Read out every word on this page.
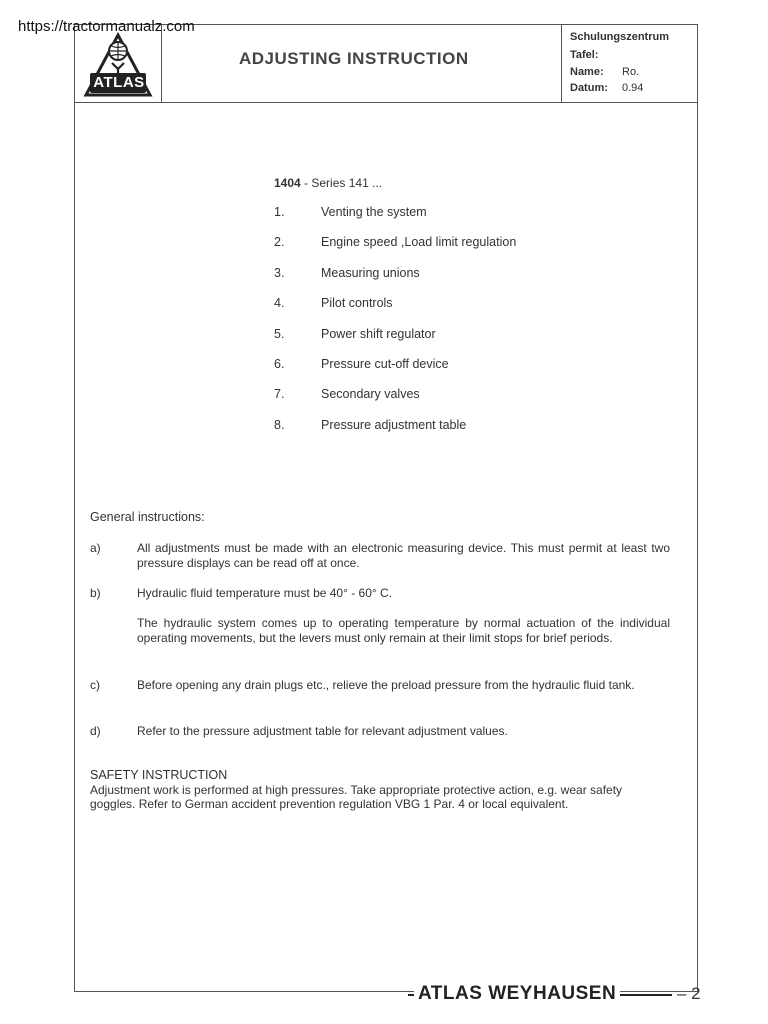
https://tractormanualz.com
ATLAS
ADJUSTING INSTRUCTION
Schulungszentrum
Tafel:
Name: Ro.
Datum: 0.94
1404 - Series 141 ...
1.	Venting the system
2.	Engine speed ,Load limit regulation
3.	Measuring unions
4.	Pilot controls
5.	Power shift regulator
6.	Pressure cut-off device
7.	Secondary valves
8.	Pressure adjustment table
General instructions:
a)	All adjustments must be made with an electronic measuring device. This must permit at least two pressure displays can be read off at once.
b)	Hydraulic fluid temperature must be 40° - 60° C.
The hydraulic system comes up to operating temperature by normal actuation of the individual operating movements, but the levers must only remain at their limit stops for brief periods.
c)	Before opening any drain plugs etc., relieve the preload pressure from the hydraulic fluid tank.
d)	Refer to the pressure adjustment table for relevant adjustment values.
SAFETY INSTRUCTION
Adjustment work is performed at high pressures. Take appropriate protective action, e.g. wear safety goggles. Refer to German accident prevention regulation VBG 1 Par. 4 or local equivalent.
ATLAS WEYHAUSEN	– 2
